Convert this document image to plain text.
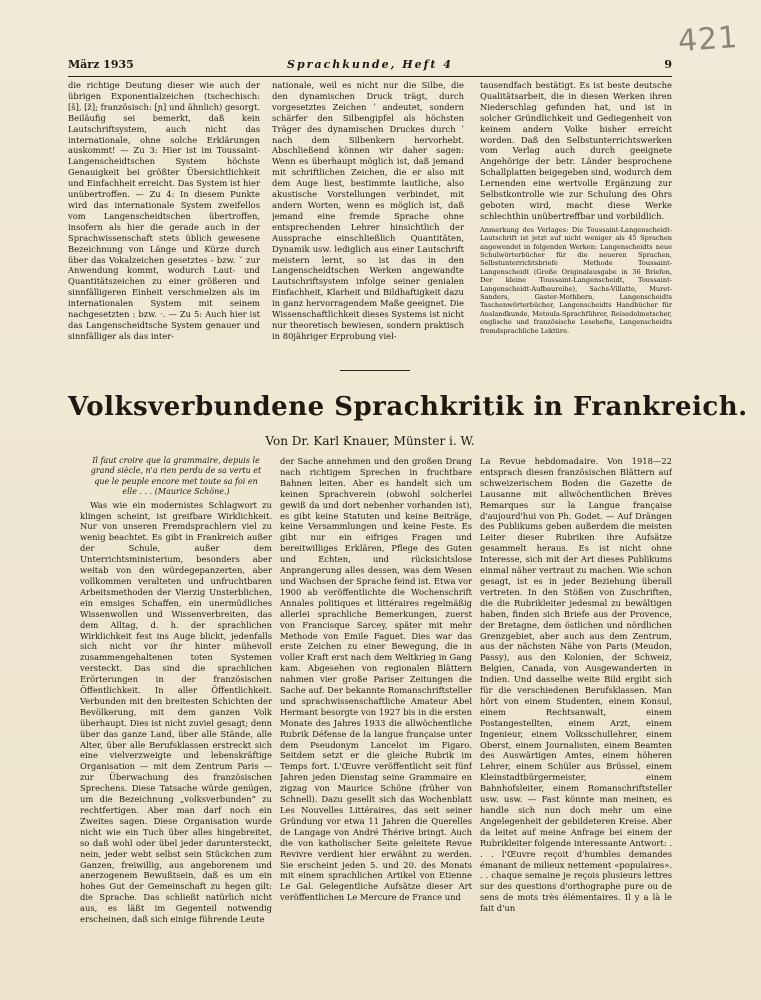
421
März 1935	Sprachkunde, Heft 4	9

die richtige Deutung dieser wie auch der übrigen Exponentialzeichen (tschechisch: [š], [ž]; französisch: [ɲ] und ähnlich) gesorgt. Beiläufig sei bemerkt, daß kein Lautschriftsystem, auch nicht das internationale, ohne solche Erklärungen auskommt! — Zu 3: Hier ist im Toussaint-Langenscheidtschen System höchste Genauigkeit bei größter Übersichtlichkeit und Einfachheit erreicht. Das System ist hier unübertroffen. — Zu 4: In diesem Punkte wird das internationale System zweifellos vom Langenscheidtschen übertroffen, insofern als hier die gerade auch in der Sprachwissenschaft stets üblich gewesene Bezeichnung von Länge und Kürze durch über das Vokalzeichen gesetztes - bzw. ˘ zur Anwendung kommt, wodurch Laut- und Quantitätszeichen zu einer größeren und sinnfälligeren Einheit verschmelzen als im internationalen System mit seinem nachgesetzten : bzw. ˑ. — Zu 5: Auch hier ist das Langenscheidtsche System genauer und sinnfälliger als das inter-

nationale, weil es nicht nur die Silbe, die den dynamischen Druck trägt, durch vorgesetztes Zeichen ʹ andeutet, sondern schärfer den Silbengipfel als höchsten Träger des dynamischen Druckes durch ʹ nach dem Silbenkern hervorhebt. Abschließend können wir daher sagen: Wenn es überhaupt möglich ist, daß jemand mit schriftlichen Zeichen, die er also mit dem Auge liest, bestimmte lautliche, also akustische Vorstellungen verbindet, mit andern Worten, wenn es möglich ist, daß jemand eine fremde Sprache ohne entsprechenden Lehrer hinsichtlich der Aussprache einschließlich Quantitäten, Dynamik usw. lediglich aus einer Lautschrift meistern lernt, so ist das in den Langenscheidtschen Werken angewandte Lautschriftsystem infolge seiner genialen Einfachheit, Klarheit und Bildhaftigkeit dazu in ganz hervorragendem Maße geeignet. Die Wissenschaftlichkeit dieses Systems ist nicht nur theoretisch bewiesen, sondern praktisch in 80jähriger Erprobung viel-

tausendfach bestätigt. Es ist beste deutsche Qualitätsarbeit, die in diesen Werken ihren Niederschlag gefunden hat, und ist in solcher Gründlichkeit und Gediegenheit von keinem andern Volke bisher erreicht worden. Daß den Selbstunterrichtswerken vom Verlag auch durch geeignete Angehörige der betr. Länder besprochene Schallplatten beigegeben sind, wodurch dem Lernenden eine wertvolle Ergänzung zur Selbstkontrolle wie zur Schulung des Ohrs geboten wird, macht diese Werke schlechthin unübertreffbar und vorbildlich.

Anmerkung des Verlages: Die Toussaint-Langenscheidt-Lautschrift ist jetzt auf nicht weniger als 45 Sprachen angewendet in folgenden Werken: Langenscheidts neue Schulwörterbücher für die neueren Sprachen, Selbstunterrichtsbriefe Methode Toussaint-Langenscheidt (Große Originalausgabe in 36 Briefen, Der kleine Toussaint-Langenscheidt, Toussaint-Langenscheidt-Aufbaureihe), Sachs-Villatte, Muret-Sanders, Gaster-Mothbern, Langenscheidts Taschenwörterbücher, Langenscheidts Handbücher für Auslandkunde, Metoula-Sprachführer, Reisedolmetscher, englische und französische Lesehefte, Langenscheidts fremdsprachliche Lektüre.

Volksverbundene Sprachkritik in Frankreich.
Von Dr. Karl Knauer, Münster i. W.

Il faut croire que la grammaire, depuis le grand siècle, n'a rien perdu de sa vertu et que le peuple encore met toute sa foi en elle . . . (Maurice Schöne.)

Was wie ein modernistes Schlagwort zu klingen scheint, ist greifbare Wirklichkeit. Nur von unseren Fremdsprachlern viel zu wenig beachtet. Es gibt in Frankreich außer der Schule, außer dem Unterrichtsministerium, besonders aber weitab von den würdegepanzerten, aber vollkommen veralteten und unfruchtbaren Arbeitsmethoden der Vierzig Unsterblichen, ein emsiges Schaffen, ein unermüdliches Wissenwollen und Wissenverbreiten, das dem Alltag, d. h. der sprachlichen Wirklichkeit fest ins Auge blickt, jedenfalls sich nicht vor ihr hinter mühevoll zusammengehaltenen toten Systemen versteckt. Das sind die sprachlichen Erörterungen in der französischen Öffentlichkeit. In aller Öffentlichkeit. Verbunden mit den breitesten Schichten der Bevölkerung, mit dem ganzen Volk überhaupt. Dies ist nicht zuviel gesagt; denn über das ganze Land, über alle Stände, alle Alter, über alle Berufsklassen erstreckt sich eine vielverzweigte und lebenskräftige Organisation — mit dem Zentrum Paris — zur Überwachung des französischen Sprechens. Diese Tatsache würde genügen, um die Bezeichnung „volksverbunden“ zu rechtfertigen. Aber man darf noch ein Zweites sagen. Diese Organisation wurde nicht wie ein Tuch über alles hingebreitet, so daß wohl oder übel jeder daruntersteckt, nein, jeder webt selbst sein Stückchen zum Ganzen, freiwillig, aus angeborenem und anerzogenem Bewußtsein, daß es um ein hohes Gut der Gemeinschaft zu hegen gilt: die Sprache. Das schließt natürlich nicht aus, es läßt im Gegenteil notwendig erscheinen, daß sich einige führende Leute

der Sache annehmen und den großen Drang nach richtigem Sprechen in fruchtbare Bahnen leiten. Aber es handelt sich um keinen Sprachverein (obwohl solcherlei gewiß da und dort nebenher vorhanden ist), es gibt keine Statuten und keine Beiträge, keine Versammlungen und keine Feste. Es gibt nur ein eifriges Fragen und bereitwilliges Erklären, Pflege des Guten und Echten, und rücksichtslose Anprangerung alles dessen, was dem Wesen und Wachsen der Sprache feind ist. Etwa vor 1900 ab veröffentlichte die Wochenschrift Annales politiques et littéraires regelmäßig allerlei sprachliche Bemerkungen, zuerst von Francisque Sarcey, später mit mehr Methode von Emile Faguet. Dies war das erste Zeichen zu einer Bewegung, die in voller Kraft erst nach dem Weltkrieg in Gang kam. Abgesehen von regionalen Blättern nahmen vier große Pariser Zeitungen die Sache auf. Der bekannte Romanschriftsteller und sprachwissenschaftliche Amateur Abel Hermant besorgte von 1927 bis in die ersten Monate des Jahres 1933 die allwöchentliche Rubrik Défense de la langue française unter dem Pseudonym Lancelot im Figaro. Seitdem setzt er die gleiche Rubrik im Temps fort. L'Œuvre veröffentlicht seit fünf Jahren jeden Dienstag seine Grammaire en zigzag von Maurice Schöne (früher von Schnell). Dazu gesellt sich das Wochenblatt Les Nouvelles Littéraires, das seit seiner Gründung vor etwa 11 Jahren die Querelles de Langage von André Thérive bringt. Auch die von katholischer Seite geleitete Revue Revivre verdient hier erwähnt zu werden. Sie erscheint jeden 5. und 20. des Monats mit einem sprachlichen Artikel von Etienne Le Gal. Gelegentliche Aufsätze dieser Art veröffentlichen Le Mercure de France und

La Revue hebdomadaire. Von 1918—22 entsprach diesen französischen Blättern auf schweizerischem Boden die Gazette de Lausanne mit allwöchentlichen Brèves Remarques sur la Langue française d'aujourd'hui von Ph. Godet. — Auf Drängen des Publikums geben außerdem die meisten Leiter dieser Rubriken ihre Aufsätze gesammelt heraus. Es ist nicht ohne Interesse, sich mit der Art dieses Publikums einmal näher vertraut zu machen. Wie schon gesagt, ist es in jeder Beziehung überall vertreten. In den Stößen von Zuschriften, die die Rubrikleiter jedesmal zu bewältigen haben, finden sich Briefe aus der Provence, der Bretagne, dem östlichen und nördlichen Grenzgebiet, aber auch aus dem Zentrum, aus der nächsten Nähe von Paris (Meudon, Passy), aus den Kolonien, der Schweiz, Belgien, Canada, von Ausgewanderten in Indien. Und dasselbe weite Bild ergibt sich für die verschiedenen Berufsklassen. Man hört von einem Studenten, einem Konsul, einem Rechtsanwalt, einem Postangestellten, einem Arzt, einem Ingenieur, einem Volksschullehrer, einem Oberst, einem Journalisten, einem Beamten des Auswärtigen Amtes, einem höheren Lehrer, einem Schüler aus Brüssel, einem Kleinstadtbürgermeister, einem Bahnhofsleiter, einem Romanschriftsteller usw. usw. — Fast könnte man meinen, es handle sich nun doch mehr um eine Angelegenheit der gebildeteren Kreise. Aber da leitet auf meine Anfrage bei einem der Rubrikleiter folgende interessante Antwort: . . . l'Œuvre reçoit d'humbles demandes émanant de milieux nettement «populaires». . . chaque semaine je reçois plusieurs lettres sur des questions d'orthographe pure ou de sens de mots très élémentaires. Il y a là le fait d'un
